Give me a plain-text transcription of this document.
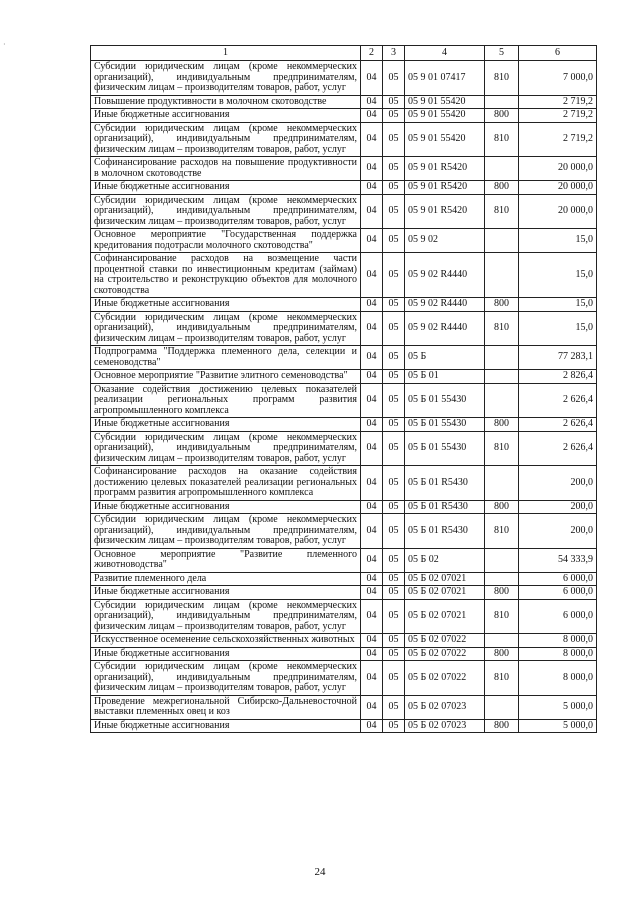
·
1	2	3	4	5	6
Субсидии юридическим лицам (кроме некоммерческих организаций), индивидуальным предпринимателям, физическим лицам – производителям товаров, работ, услуг	04	05	05 9 01 07417	810	7 000,0
Повышение продуктивности в молочном скотоводстве	04	05	05 9 01 55420		2 719,2
Иные бюджетные ассигнования	04	05	05 9 01 55420	800	2 719,2
Субсидии юридическим лицам (кроме некоммерческих организаций), индивидуальным предпринимателям, физическим лицам – производителям товаров, работ, услуг	04	05	05 9 01 55420	810	2 719,2
Софинансирование расходов на повышение продуктивности в молочном скотоводстве	04	05	05 9 01 R5420		20 000,0
Иные бюджетные ассигнования	04	05	05 9 01 R5420	800	20 000,0
Субсидии юридическим лицам (кроме некоммерческих организаций), индивидуальным предпринимателям, физическим лицам – производителям товаров, работ, услуг	04	05	05 9 01 R5420	810	20 000,0
Основное мероприятие "Государственная поддержка кредитования подотрасли молочного скотоводства"	04	05	05 9 02		15,0
Софинансирование расходов на возмещение части процентной ставки по инвестиционным кредитам (займам) на строительство и реконструкцию объектов для молочного скотоводства	04	05	05 9 02 R4440		15,0
Иные бюджетные ассигнования	04	05	05 9 02 R4440	800	15,0
Субсидии юридическим лицам (кроме некоммерческих организаций), индивидуальным предпринимателям, физическим лицам – производителям товаров, работ, услуг	04	05	05 9 02 R4440	810	15,0
Подпрограмма "Поддержка племенного дела, селекции и семеноводства"	04	05	05 Б		77 283,1
Основное мероприятие "Развитие элитного семеноводства"	04	05	05 Б 01		2 826,4
Оказание содействия достижению целевых показателей реализации региональных программ развития агропромышленного комплекса	04	05	05 Б 01 55430		2 626,4
Иные бюджетные ассигнования	04	05	05 Б 01 55430	800	2 626,4
Субсидии юридическим лицам (кроме некоммерческих организаций), индивидуальным предпринимателям, физическим лицам – производителям товаров, работ, услуг	04	05	05 Б 01 55430	810	2 626,4
Софинансирование расходов на оказание содействия достижению целевых показателей реализации региональных программ развития агропромышленного комплекса	04	05	05 Б 01 R5430		200,0
Иные бюджетные ассигнования	04	05	05 Б 01 R5430	800	200,0
Субсидии юридическим лицам (кроме некоммерческих организаций), индивидуальным предпринимателям, физическим лицам – производителям товаров, работ, услуг	04	05	05 Б 01 R5430	810	200,0
Основное мероприятие "Развитие племенного животноводства"	04	05	05 Б 02		54 333,9
Развитие племенного дела	04	05	05 Б 02 07021		6 000,0
Иные бюджетные ассигнования	04	05	05 Б 02 07021	800	6 000,0
Субсидии юридическим лицам (кроме некоммерческих организаций), индивидуальным предпринимателям, физическим лицам – производителям товаров, работ, услуг	04	05	05 Б 02 07021	810	6 000,0
Искусственное осеменение сельскохозяйственных животных	04	05	05 Б 02 07022		8 000,0
Иные бюджетные ассигнования	04	05	05 Б 02 07022	800	8 000,0
Субсидии юридическим лицам (кроме некоммерческих организаций), индивидуальным предпринимателям, физическим лицам – производителям товаров, работ, услуг	04	05	05 Б 02 07022	810	8 000,0
Проведение межрегиональной Сибирско-Дальневосточной выставки племенных овец и коз	04	05	05 Б 02 07023		5 000,0
Иные бюджетные ассигнования	04	05	05 Б 02 07023	800	5 000,0
24
